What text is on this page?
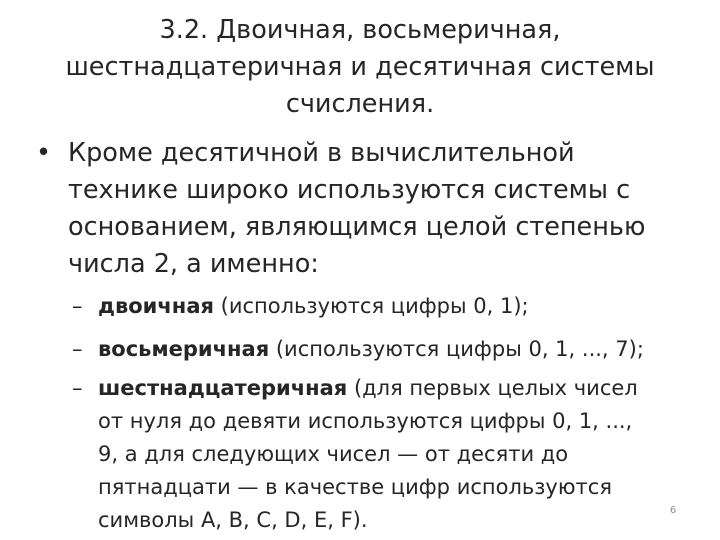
3.2. Двоичная, восьмеричная,
шестнадцатеричная и десятичная системы
счисления.
• Кроме десятичной в вычислительной
технике широко используются системы с
основанием, являющимся целой степенью
числа 2, а именно:
– двоичная (используются цифры 0, 1);
– восьмеричная (используются цифры 0, 1, ..., 7);
– шестнадцатеричная (для первых целых чисел
от нуля до девяти используются цифры 0, 1, ...,
9, а для следующих чисел — от десяти до
пятнадцати — в качестве цифр используются
символы А, В, С, D, Е, F).	6
